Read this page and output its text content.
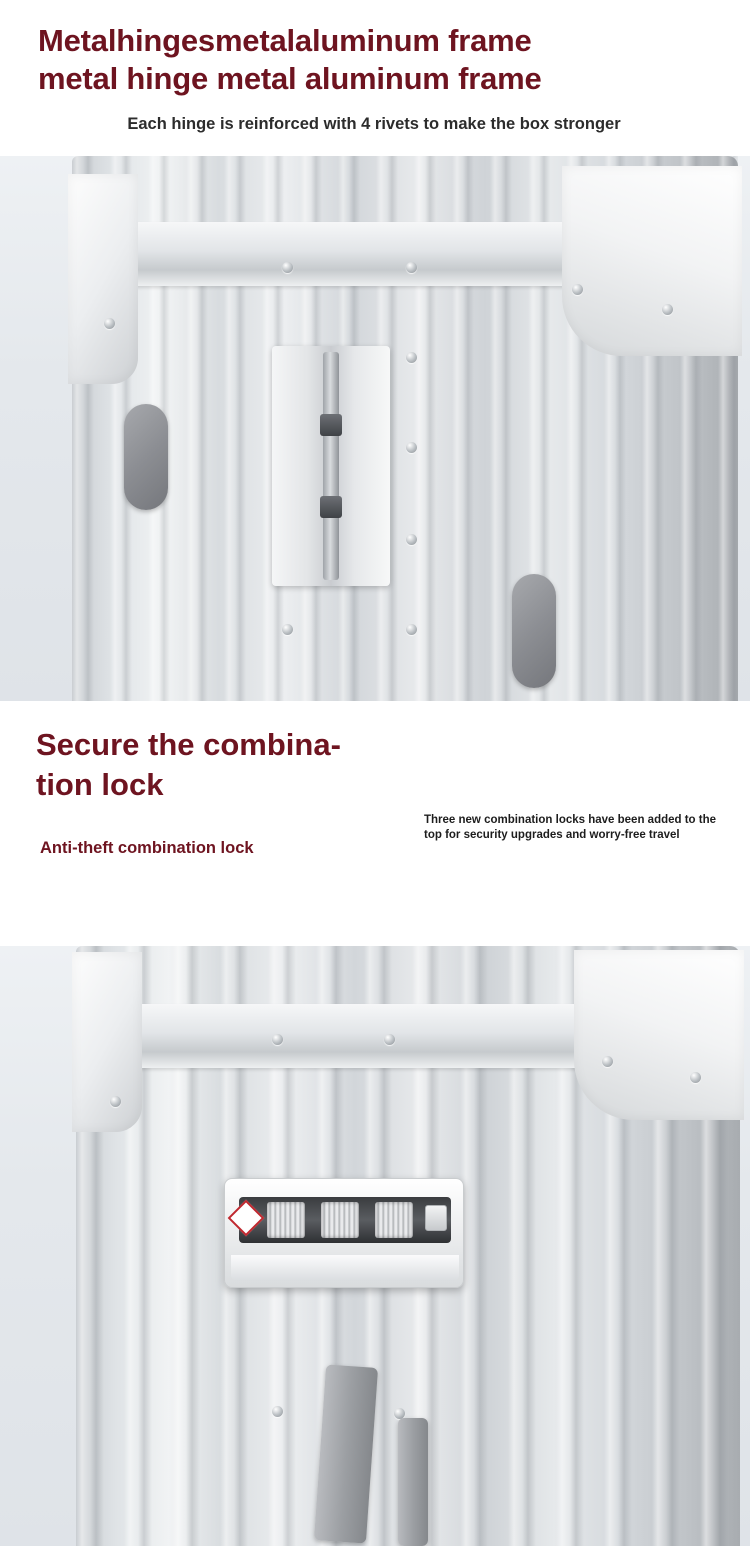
Metalhingesmetalaluminum frame
metal hinge metal aluminum frame
Each hinge is reinforced with 4 rivets to make the box stronger
Secure the combina-
tion lock
Anti-theft combination lock
Three new combination locks have been added to the top for security upgrades and worry-free travel
